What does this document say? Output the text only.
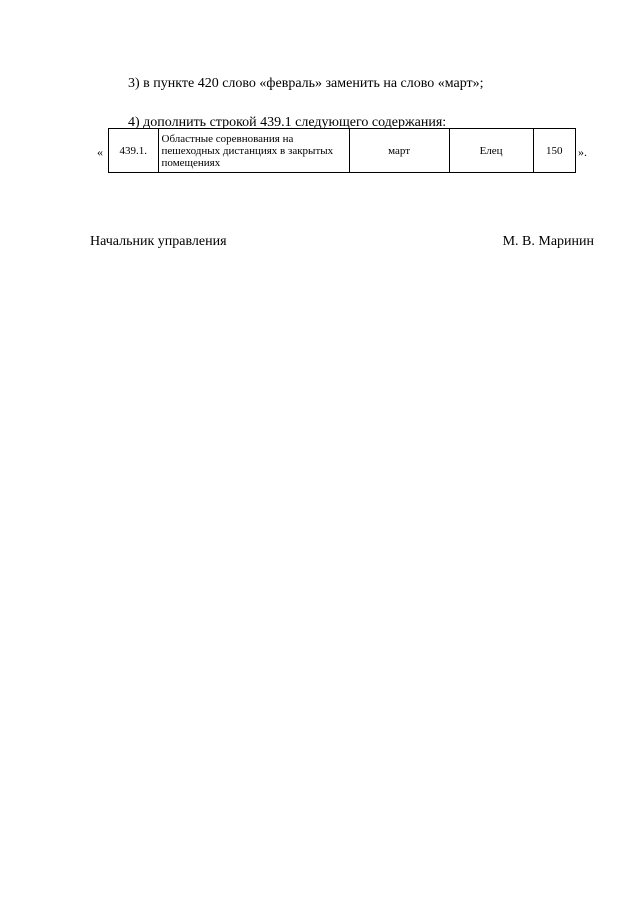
3) в пункте 420 слово «февраль» заменить на слово «март»;

4) дополнить строкой 439.1 следующего содержания:

« 439.1.	Областные соревнования на пешеходных дистанциях в закрытых помещениях	март	Елец	150 ».
Начальник управления	М. В. Маринин
